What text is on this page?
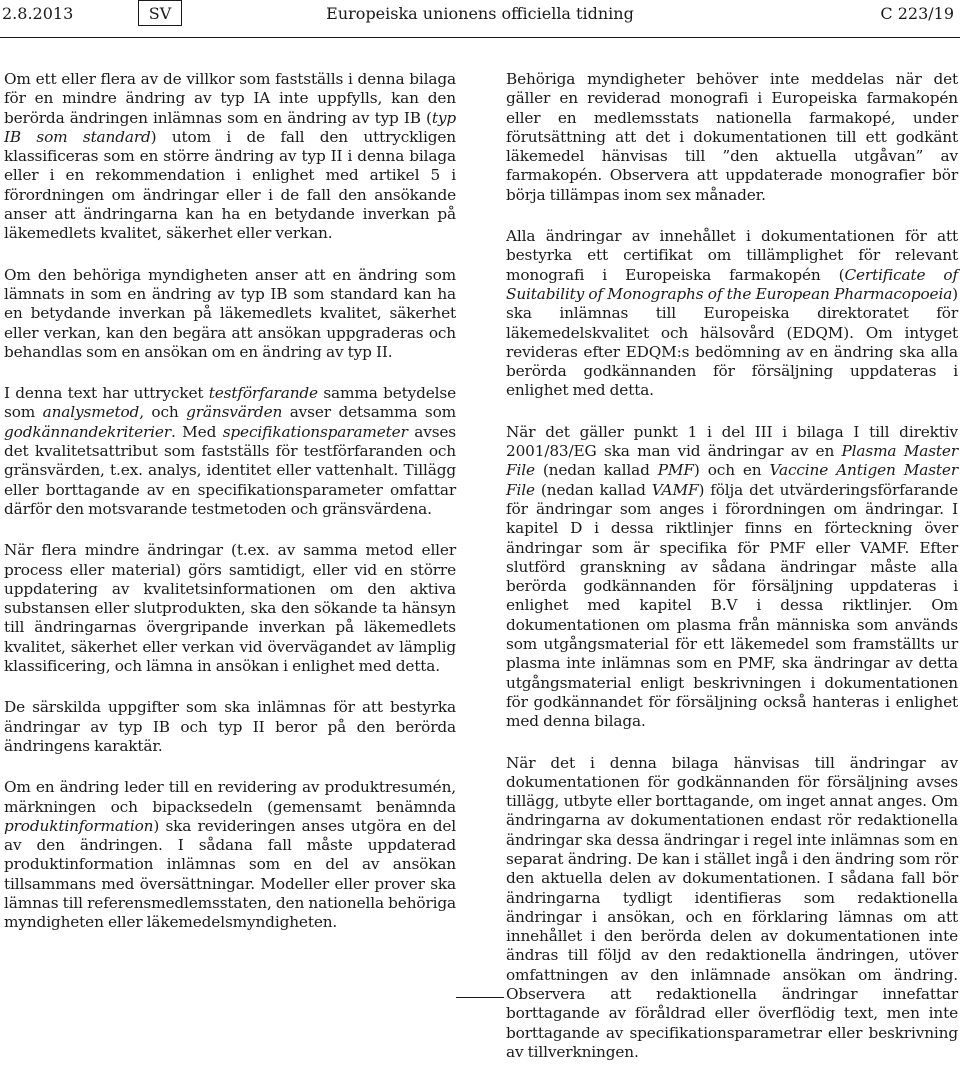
2.8.2013	Europeiska unionens officiella tidning
SV	C 223/19

Om ett eller flera av de villkor som fastställs i denna bilaga för en mindre ändring av typ IA inte uppfylls, kan den berörda ändringen inlämnas som en ändring av typ IB (typ IB som standard) utom i de fall den uttryckligen klassificeras som en större ändring av typ II i denna bilaga eller i en rekommendation i enlighet med artikel 5 i förordningen om ändringar eller i de fall den ansökande anser att ändringarna kan ha en betydande inverkan på läkemedlets kvalitet, säkerhet eller verkan.

Om den behöriga myndigheten anser att en ändring som lämnats in som en ändring av typ IB som standard kan ha en betydande inverkan på läkemedlets kvalitet, säkerhet eller verkan, kan den begära att ansökan uppgraderas och behandlas som en ansökan om en ändring av typ II.

I denna text har uttrycket testförfarande samma betydelse som analysmetod, och gränsvärden avser detsamma som godkännandekriterier. Med specifikationsparameter avses det kvalitetsattribut som fastställs för testförfaranden och gränsvärden, t.ex. analys, identitet eller vattenhalt. Tillägg eller borttagande av en specifikationsparameter omfattar därför den motsvarande testmetoden och gränsvärdena.

När flera mindre ändringar (t.ex. av samma metod eller process eller material) görs samtidigt, eller vid en större uppdatering av kvalitetsinformationen om den aktiva substansen eller slutprodukten, ska den sökande ta hänsyn till ändringarnas övergripande inverkan på läkemedlets kvalitet, säkerhet eller verkan vid övervägandet av lämplig klassificering, och lämna in ansökan i enlighet med detta.

De särskilda uppgifter som ska inlämnas för att bestyrka ändringar av typ IB och typ II beror på den berörda ändringens karaktär.

Om en ändring leder till en revidering av produktresumén, märkningen och bipacksedeln (gemensamt benämnda produktinformation) ska revideringen anses utgöra en del av den ändringen. I sådana fall måste uppdaterad produktinformation inlämnas som en del av ansökan tillsammans med översättningar. Modeller eller prover ska lämnas till referensmedlemsstaten, den nationella behöriga myndigheten eller läkemedelsmyndigheten.

Behöriga myndigheter behöver inte meddelas när det gäller en reviderad monografi i Europeiska farmakopén eller en medlemsstats nationella farmakopé, under förutsättning att det i dokumentationen till ett godkänt läkemedel hänvisas till ”den aktuella utgåvan” av farmakopén. Observera att uppdaterade monografier bör börja tillämpas inom sex månader.

Alla ändringar av innehållet i dokumentationen för att bestyrka ett certifikat om tillämplighet för relevant monografi i Europeiska farmakopén (Certificate of Suitability of Monographs of the European Pharmacopoeia) ska inlämnas till Europeiska direktoratet för läkemedelskvalitet och hälsovård (EDQM). Om intyget revideras efter EDQM:s bedömning av en ändring ska alla berörda godkännanden för försäljning uppdateras i enlighet med detta.

När det gäller punkt 1 i del III i bilaga I till direktiv 2001/83/EG ska man vid ändringar av en Plasma Master File (nedan kallad PMF) och en Vaccine Antigen Master File (nedan kallad VAMF) följa det utvärderingsförfarande för ändringar som anges i förordningen om ändringar. I kapitel D i dessa riktlinjer finns en förteckning över ändringar som är specifika för PMF eller VAMF. Efter slutförd granskning av sådana ändringar måste alla berörda godkännanden för försäljning uppdateras i enlighet med kapitel B.V i dessa riktlinjer. Om dokumentationen om plasma från människa som används som utgångsmaterial för ett läkemedel som framställts ur plasma inte inlämnas som en PMF, ska ändringar av detta utgångsmaterial enligt beskrivningen i dokumentationen för godkännandet för försäljning också hanteras i enlighet med denna bilaga.

När det i denna bilaga hänvisas till ändringar av dokumentationen för godkännanden för försäljning avses tillägg, utbyte eller borttagande, om inget annat anges. Om ändringarna av dokumentationen endast rör redaktionella ändringar ska dessa ändringar i regel inte inlämnas som en separat ändring. De kan i stället ingå i den ändring som rör den aktuella delen av dokumentationen. I sådana fall bör ändringarna tydligt identifieras som redaktionella ändringar i ansökan, och en förklaring lämnas om att innehållet i den berörda delen av dokumentationen inte ändras till följd av den redaktionella ändringen, utöver omfattningen av den inlämnade ansökan om ändring. Observera att redaktionella ändringar innefattar borttagande av föråldrad eller överflödig text, men inte borttagande av specifikationsparametrar eller beskrivning av tillverkningen.
